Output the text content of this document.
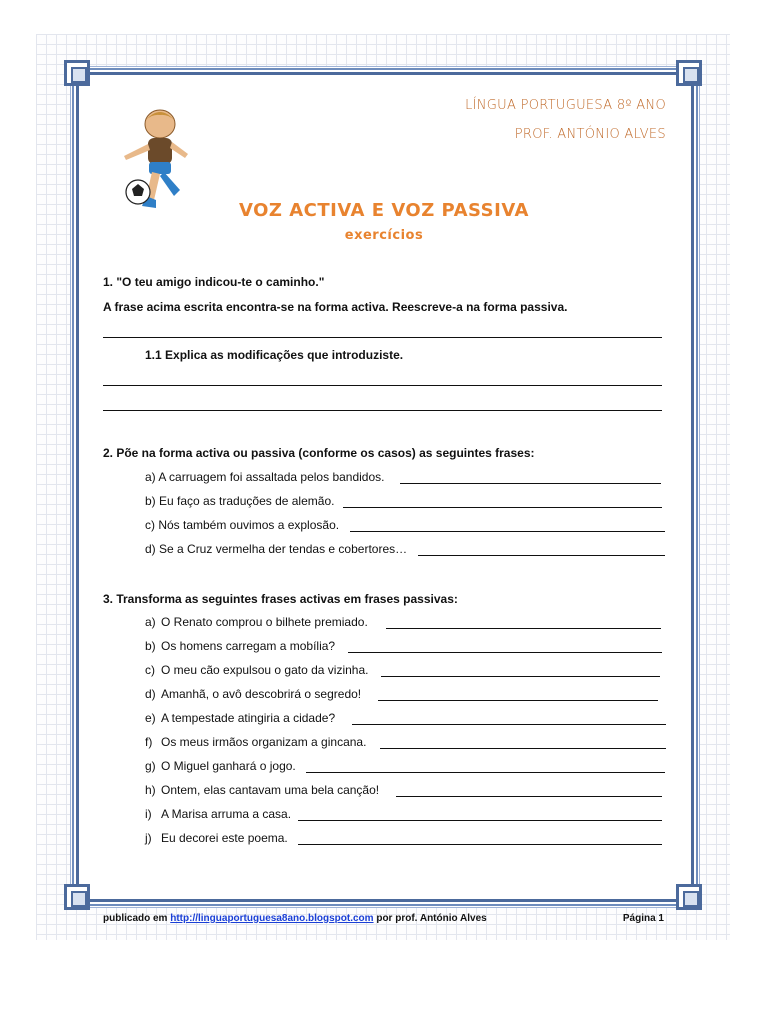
LÍNGUA PORTUGUESA 8º ANO
PROF. ANTÓNIO ALVES
VOZ ACTIVA E VOZ PASSIVA
exercícios
1. "O teu amigo indicou-te o caminho."
A frase acima escrita encontra-se na forma activa. Reescreve-a na forma passiva.
1.1 Explica as modificações que introduziste.
2. Põe na forma activa ou passiva (conforme os casos) as seguintes frases:
a) A carruagem foi assaltada pelos bandidos.
b) Eu faço as traduções de alemão.
c) Nós também ouvimos a explosão.
d) Se a Cruz vermelha der tendas e cobertores…
3. Transforma as seguintes frases activas em frases passivas:
a) O Renato comprou o bilhete premiado.
b) Os homens carregam a mobília?
c) O meu cão expulsou o gato da vizinha.
d) Amanhã, o avô descobrirá o segredo!
e) A tempestade atingiria a cidade?
f) Os meus irmãos organizam a gincana.
g) O Miguel ganhará o jogo.
h) Ontem, elas cantavam uma bela canção!
i) A Marisa arruma a casa.
j) Eu decorei este poema.
publicado em http://linguaportuguesa8ano.blogspot.com por prof. António Alves	Página 1
